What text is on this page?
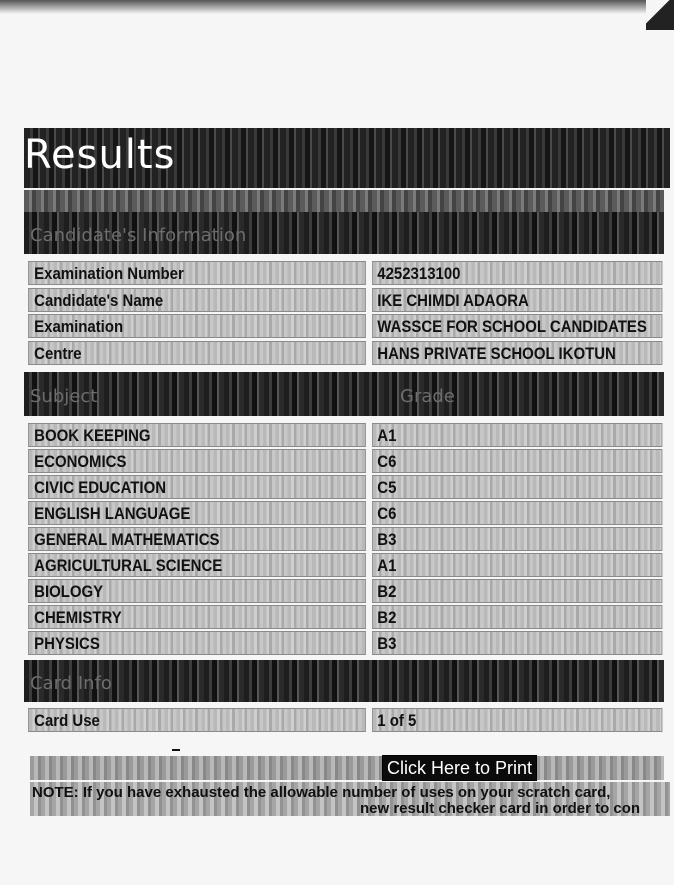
Results
Candidate's Information
Examination Number	4252313100
Candidate's Name	IKE CHIMDI ADAORA
Examination	WASSCE FOR SCHOOL CANDIDATES
Centre	HANS PRIVATE SCHOOL IKOTUN
Subject	Grade
BOOK KEEPING	A1
ECONOMICS	C6
CIVIC EDUCATION	C5
ENGLISH LANGUAGE	C6
GENERAL MATHEMATICS	B3
AGRICULTURAL SCIENCE	A1
BIOLOGY	B2
CHEMISTRY	B2
PHYSICS	B3
Card Info
Card Use	1 of 5
Click Here to Print
NOTE: If you have exhausted the allowable number of uses on your scratch card,
new result checker card in order to con
